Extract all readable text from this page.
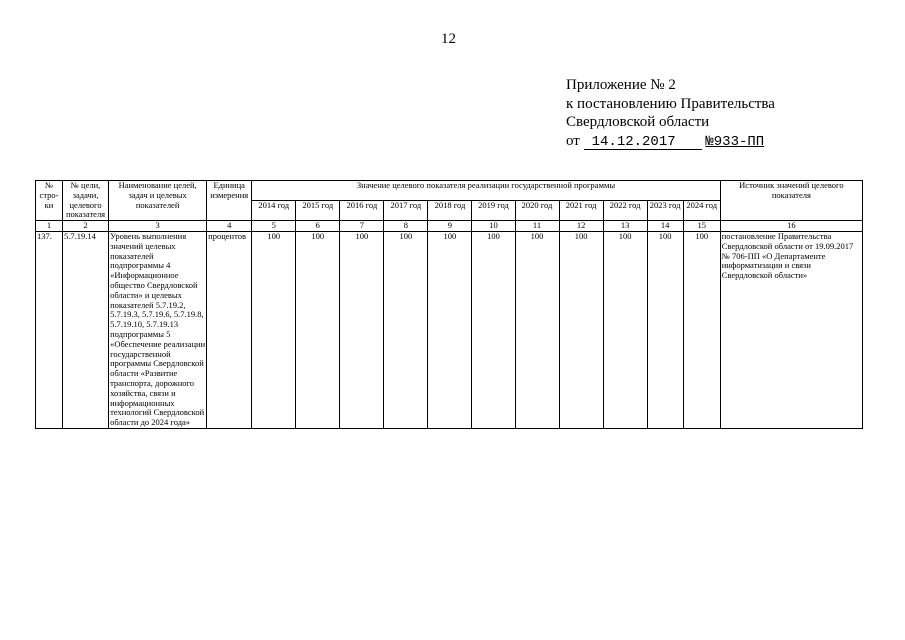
12
Приложение № 2
к постановлению Правительства
Свердловской области
от 14.12.2017 №933-ПП
№ стро-ки	№ цели, задачи, целевого показателя	Наименование целей, задач и целевых показателей	Единица измерения	Значение целевого показателя реализации государственной программы											Источник значений целевого показателя
				2014 год	2015 год	2016 год	2017 год	2018 год	2019 год	2020 год	2021 год	2022 год	2023 год	2024 год	
1	2	3	4	5	6	7	8	9	10	11	12	13	14	15	16
137.	5.7.19.14	Уровень выполнения значений целевых показателей подпрограммы 4 «Информационное общество Свердловской области» и целевых показателей 5.7.19.2, 5.7.19.3, 5.7.19.6, 5.7.19.8, 5.7.19.10, 5.7.19.13 подпрограммы 5 «Обеспечение реализации государственной программы Свердловской области «Развитие транспорта, дорожного хозяйства, связи и информационных технологий Свердловской области до 2024 года»	процентов	100	100	100	100	100	100	100	100	100	100	100	постановление Правительства Свердловской области от 19.09.2017 № 706-ПП «О Департаменте информатизации и связи Свердловской области»
